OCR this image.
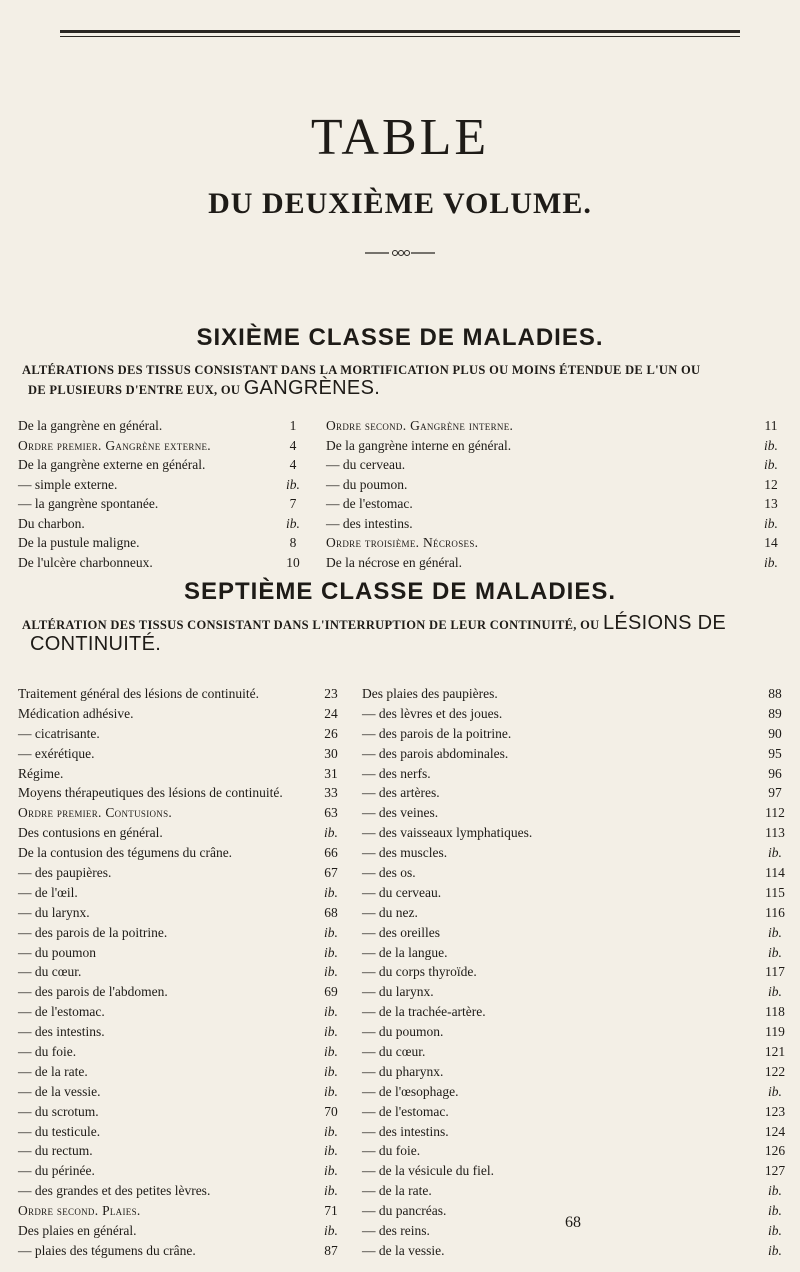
TABLE
DU DEUXIÈME VOLUME.
SIXIÈME CLASSE DE MALADIES.
ALTÉRATIONS DES TISSUS CONSISTANT DANS LA MORTIFICATION PLUS OU MOINS ÉTENDUE DE L'UN OU
DE PLUSIEURS D'ENTRE EUX, OU GANGRÈNES.
De la gangrène en général.	1
Ordre premier. Gangrène externe.	4
De la gangrène externe en général.	4
— simple externe.	ib.
— la gangrène spontanée.	7
Du charbon.	ib.
De la pustule maligne.	8
De l'ulcère charbonneux.	10
Ordre second. Gangrène interne.	11
De la gangrène interne en général.	ib.
— du cerveau.	ib.
— du poumon.	12
— de l'estomac.	13
— des intestins.	ib.
Ordre troisième. Nécroses.	14
De la nécrose en général.	ib.
SEPTIÈME CLASSE DE MALADIES.
ALTÉRATION DES TISSUS CONSISTANT DANS L'INTERRUPTION DE LEUR CONTINUITÉ, OU LÉSIONS DE
CONTINUITÉ.
Traitement général des lésions de continuité.	23
Médication adhésive.	24
— cicatrisante.	26
— exérétique.	30
Régime.	31
Moyens thérapeutiques des lésions de continuité.	33
Ordre premier. Contusions.	63
Des contusions en général.	ib.
De la contusion des tégumens du crâne.	66
— des paupières.	67
— de l'œil.	ib.
— du larynx.	68
— des parois de la poitrine.	ib.
— du poumon	ib.
— du cœur.	ib.
— des parois de l'abdomen.	69
— de l'estomac.	ib.
— des intestins.	ib.
— du foie.	ib.
— de la rate.	ib.
— de la vessie.	ib.
— du scrotum.	70
— du testicule.	ib.
— du rectum.	ib.
— du périnée.	ib.
— des grandes et des petites lèvres.	ib.
Ordre second. Plaies.	71
Des plaies en général.	ib.
— plaies des tégumens du crâne.	87
Des plaies des paupières.	88
— des lèvres et des joues.	89
— des parois de la poitrine.	90
— des parois abdominales.	95
— des nerfs.	96
— des artères.	97
— des veines.	112
— des vaisseaux lymphatiques.	113
— des muscles.	ib.
— des os.	114
— du cerveau.	115
— du nez.	116
— des oreilles	ib.
— de la langue.	ib.
— du corps thyroïde.	117
— du larynx.	ib.
— de la trachée-artère.	118
— du poumon.	119
— du cœur.	121
— du pharynx.	122
— de l'œsophage.	ib.
— de l'estomac.	123
— des intestins.	124
— du foie.	126
— de la vésicule du fiel.	127
— de la rate.	ib.
— du pancréas.	ib.
— des reins.	ib.
— de la vessie.	ib.
68
